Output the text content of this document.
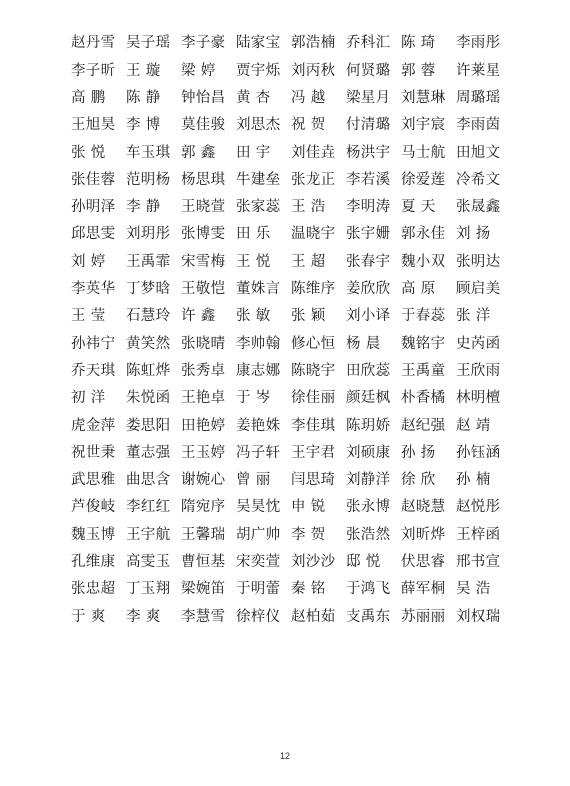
赵丹雪 吴子瑶 李子豪 陆家宝 郭浩楠 乔科汇 陈 琦	李雨彤
李子昕 王 璇	梁 婷	贾宇烁 刘丙秋 何贤璐 郭 蓉	许莱星
高 鹏	陈 静	钟怡昌 黄 杏	冯 越	梁星月 刘慧琳 周璐瑶
王旭昊 李 博	莫佳骏 刘思杰 祝 贺	付清璐 刘宇宸 李雨茵
张 悦	车玉琪 郭 鑫	田 宇	刘佳垚 杨洪宇 马士航 田旭文
张佳蓉 范明杨 杨思琪 牛建垒 张龙正 李若溪 徐爱莲 冷希文
孙明泽 李 静	王晓萱 张家蕊 王 浩	李明涛 夏 天	张晟鑫
邱思雯 刘玥彤 张博雯 田 乐	温晓宇 张宇姗 郭永佳 刘 扬
刘 婷	王禹霏 宋雪梅 王 悦	王 超	张春宇 魏小双 张明达
李英华 丁梦晗 王敬恺 董姝言 陈维序 姜欣欣 高 原	顾启美
王 莹	石慧玲 许 鑫	张 敏	张 颖	刘小译 于春蕊 张 洋
孙祎宁 黄笑然 张晓晴 李帅翰 修心恒 杨 晨	魏铭宇 史芮函
乔天琪 陈虹烨 张秀卓 康志娜 陈晓宇 田欣蕊 王禹童 王欣雨
初 洋	朱悦函 王艳卓 于 岑	徐佳丽 颜廷枫 朴香橘 林明檀
虎金萍 娄思阳 田艳婷 姜艳姝 李佳琪 陈玥娇 赵纪强 赵 靖
祝世秉 董志强 王玉婷 冯子轩 王宇君 刘硕康 孙 扬	孙钰涵
武思雅 曲思含 谢婉心 曾 丽	闫思琦 刘静洋 徐 欣	孙 楠
芦俊岐 李红红 隋宛序 吴昊忱 申 锐	张永博 赵晓慧 赵悦彤
魏玉博 王宇航 王馨瑞 胡广帅 李 贺	张浩然 刘昕烨 王梓函
孔维康 高雯玉 曹恒基 宋奕萱 刘沙沙 邸 悦	伏思睿 邢书宣
张忠超 丁玉翔 梁婉笛 于明蕾 秦 铭	于鸿飞 薛军桐 吴 浩
于 爽	李 爽	李慧雪 徐梓仪 赵柏茹 支禹东 苏丽丽 刘权瑞
12
